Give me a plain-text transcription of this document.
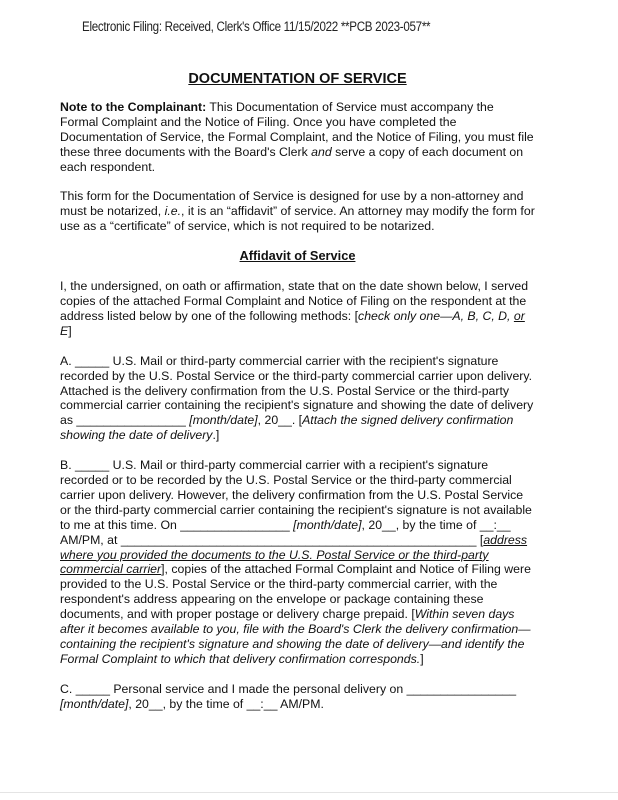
Electronic Filing: Received, Clerk's Office 11/15/2022 **PCB 2023-057**
DOCUMENTATION OF SERVICE

Note to the Complainant: This Documentation of Service must accompany the Formal Complaint and the Notice of Filing. Once you have completed the Documentation of Service, the Formal Complaint, and the Notice of Filing, you must file these three documents with the Board's Clerk and serve a copy of each document on each respondent.

This form for the Documentation of Service is designed for use by a non-attorney and must be notarized, i.e., it is an “affidavit” of service. An attorney may modify the form for use as a “certificate” of service, which is not required to be notarized.

Affidavit of Service

I, the undersigned, on oath or affirmation, state that on the date shown below, I served copies of the attached Formal Complaint and Notice of Filing on the respondent at the address listed below by one of the following methods: [check only one—A, B, C, D, or E]

A. _____ U.S. Mail or third-party commercial carrier with the recipient's signature recorded by the U.S. Postal Service or the third-party commercial carrier upon delivery. Attached is the delivery confirmation from the U.S. Postal Service or the third-party commercial carrier containing the recipient's signature and showing the date of delivery as ________________ [month/date], 20__. [Attach the signed delivery confirmation showing the date of delivery.]

B. _____ U.S. Mail or third-party commercial carrier with a recipient's signature recorded or to be recorded by the U.S. Postal Service or the third-party commercial carrier upon delivery. However, the delivery confirmation from the U.S. Postal Service or the third-party commercial carrier containing the recipient's signature is not available to me at this time. On ________________ [month/date], 20__, by the time of __:__ AM/PM, at ____________________________________________________ [address where you provided the documents to the U.S. Postal Service or the third-party commercial carrier], copies of the attached Formal Complaint and Notice of Filing were provided to the U.S. Postal Service or the third-party commercial carrier, with the respondent's address appearing on the envelope or package containing these documents, and with proper postage or delivery charge prepaid. [Within seven days after it becomes available to you, file with the Board's Clerk the delivery confirmation—containing the recipient's signature and showing the date of delivery—and identify the Formal Complaint to which that delivery confirmation corresponds.]

C. _____ Personal service and I made the personal delivery on ________________ [month/date], 20__, by the time of __:__ AM/PM.
